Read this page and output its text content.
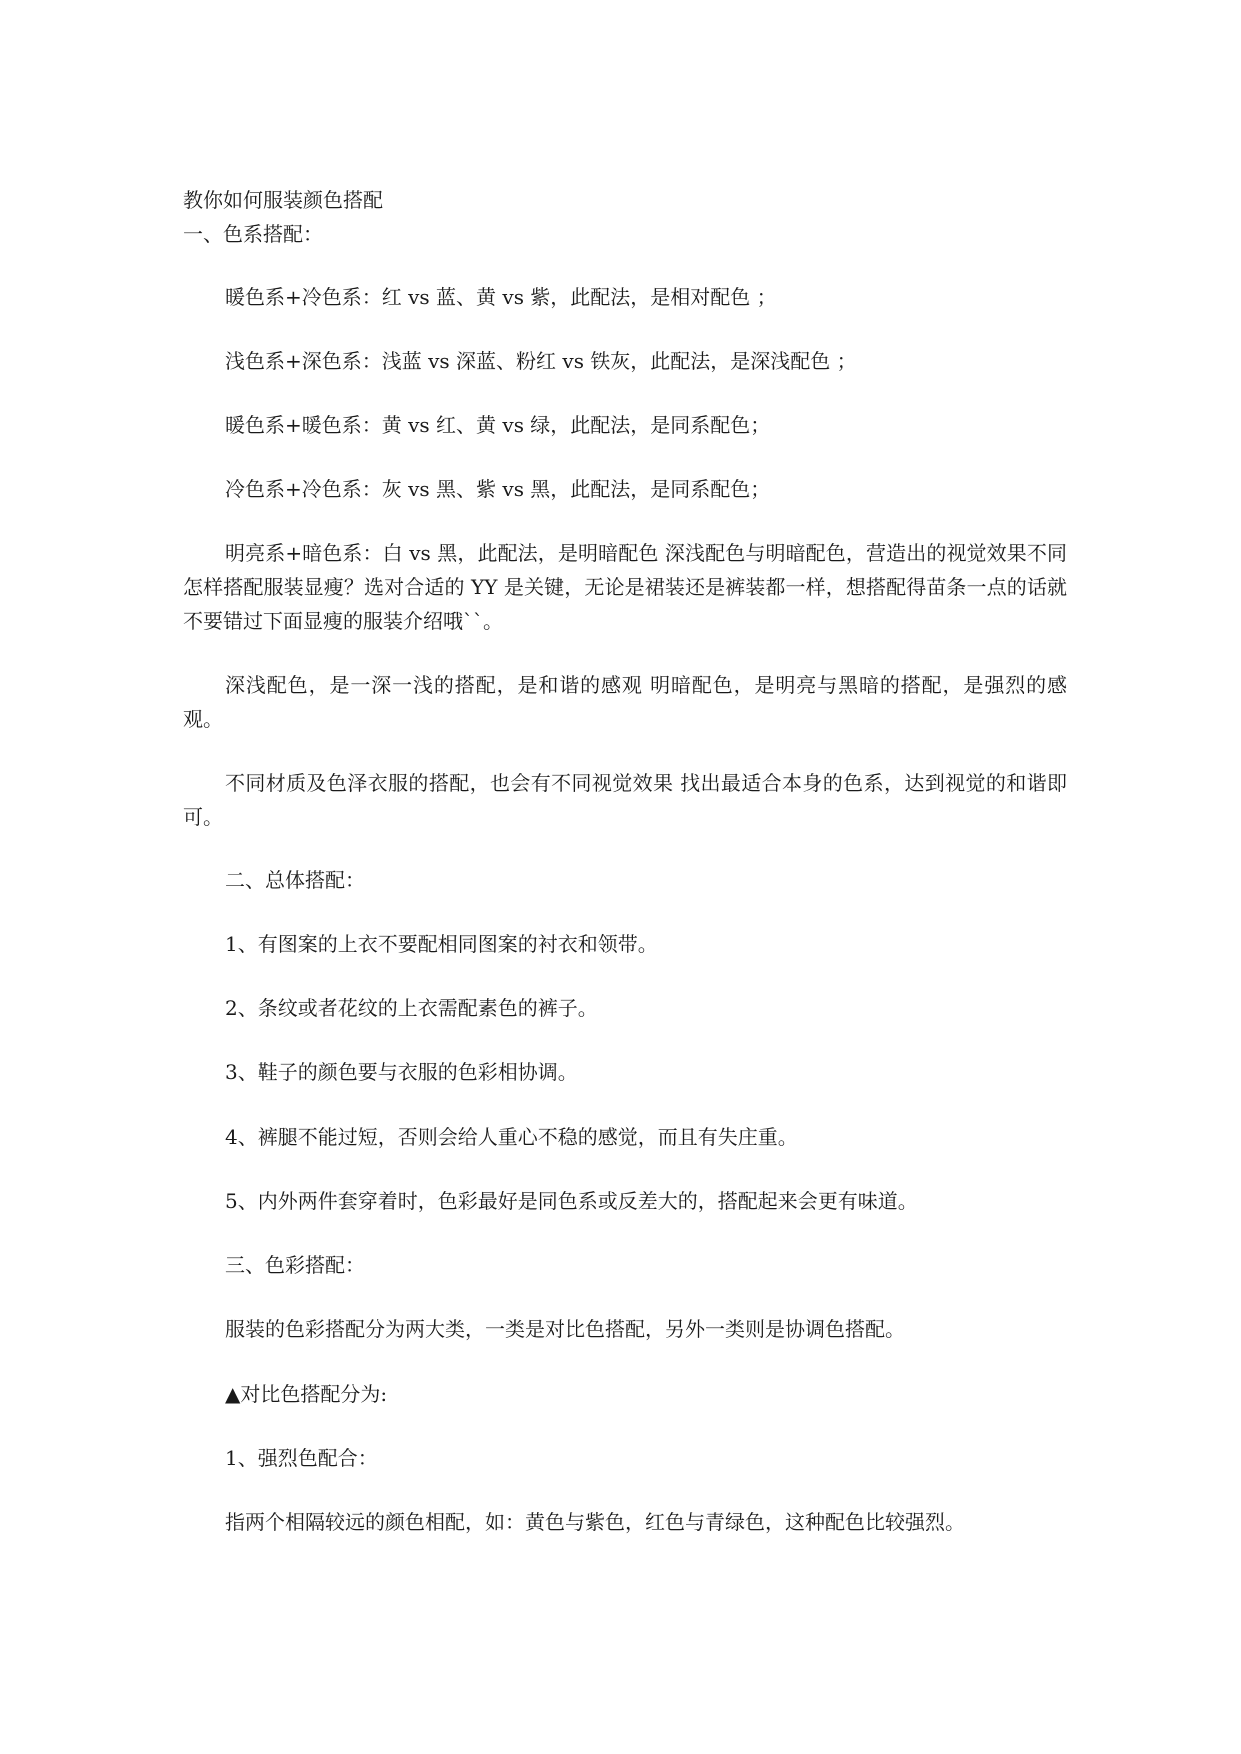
教你如何服装颜色搭配

一、色系搭配：

暖色系+冷色系：红 vs 蓝、黄 vs 紫，此配法，是相对配色 ；

浅色系+深色系：浅蓝 vs 深蓝、粉红 vs 铁灰，此配法，是深浅配色 ；

暖色系+暖色系：黄 vs 红、黄 vs 绿，此配法，是同系配色；

冷色系+冷色系：灰 vs 黑、紫 vs 黑，此配法，是同系配色；

明亮系+暗色系：白 vs 黑，此配法，是明暗配色 深浅配色与明暗配色，营造出的视觉效果不同怎样搭配服装显瘦？选对合适的 YY 是关键，无论是裙装还是裤装都一样，想搭配得苗条一点的话就不要错过下面显瘦的服装介绍哦``。

深浅配色，是一深一浅的搭配，是和谐的感观 明暗配色，是明亮与黑暗的搭配，是强烈的感观。

不同材质及色泽衣服的搭配，也会有不同视觉效果 找出最适合本身的色系，达到视觉的和谐即可。

二、总体搭配：

1、有图案的上衣不要配相同图案的衬衣和领带。

2、条纹或者花纹的上衣需配素色的裤子。

3、鞋子的颜色要与衣服的色彩相协调。

4、裤腿不能过短，否则会给人重心不稳的感觉，而且有失庄重。

5、内外两件套穿着时，色彩最好是同色系或反差大的，搭配起来会更有味道。

三、色彩搭配：

服装的色彩搭配分为两大类，一类是对比色搭配，另外一类则是协调色搭配。

▲对比色搭配分为:

1、强烈色配合：

指两个相隔较远的颜色相配，如：黄色与紫色，红色与青绿色，这种配色比较强烈。
